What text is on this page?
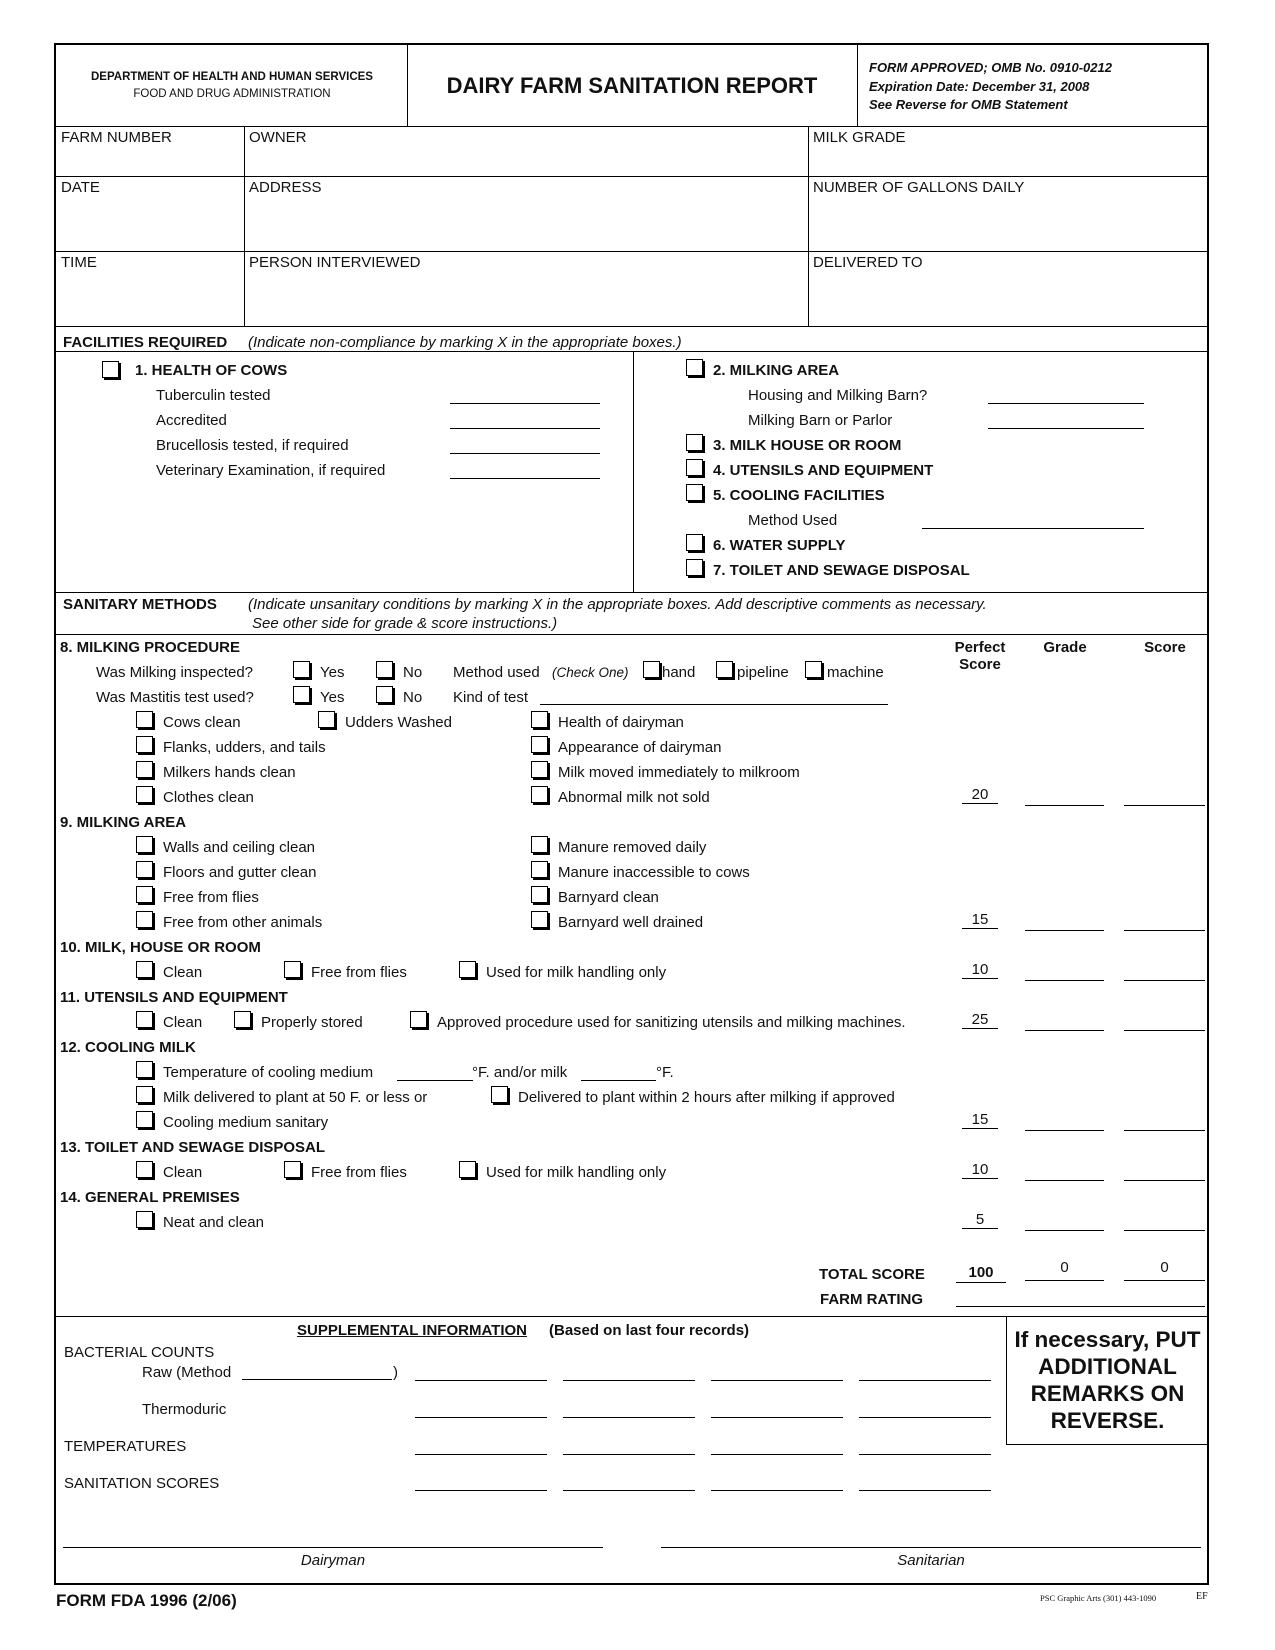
DEPARTMENT OF HEALTH AND HUMAN SERVICES
FOOD AND DRUG ADMINISTRATION	DAIRY FARM SANITATION REPORT
FORM APPROVED; OMB No. 0910-0212
Expiration Date: December 31, 2008
See Reverse for OMB Statement
FARM NUMBER	OWNER	MILK GRADE
DATE	ADDRESS	NUMBER OF GALLONS DAILY
TIME	PERSON INTERVIEWED	DELIVERED TO
FACILITIES REQUIRED (Indicate non-compliance by marking X in the appropriate boxes.)
1. HEALTH OF COWS
Tuberculin tested
Accredited
Brucellosis tested, if required
Veterinary Examination, if required
2. MILKING AREA
Housing and Milking Barn?
Milking Barn or Parlor
3. MILK HOUSE OR ROOM
4. UTENSILS AND EQUIPMENT
5. COOLING FACILITIES
Method Used
6. WATER SUPPLY
7. TOILET AND SEWAGE DISPOSAL
SANITARY METHODS (Indicate unsanitary conditions by marking X in the appropriate boxes. Add descriptive comments as necessary.
See other side for grade & score instructions.)
Perfect
Score
Grade	Score
8. MILKING PROCEDURE
Was Milking inspected?	Yes	No Method used (Check One) hand	pipeline	machine
Was Mastitis test used?	Yes	No Kind of test
Cows clean	Udders Washed	Health of dairyman
Flanks, udders, and tails	Appearance of dairyman
Milkers hands clean	Milk moved immediately to milkroom
Clothes clean	Abnormal milk not sold	20
9. MILKING AREA
Walls and ceiling clean	Manure removed daily
Floors and gutter clean	Manure inaccessible to cows
Free from flies	Barnyard clean
Free from other animals	Barnyard well drained	15
10. MILK, HOUSE OR ROOM
Clean	Free from flies	Used for milk handling only	10
11. UTENSILS AND EQUIPMENT
Clean	Properly stored	Approved procedure used for sanitizing utensils and milking machines.	25
12. COOLING MILK
Temperature of cooling medium	°F. and/or milk	°F.
Milk delivered to plant at 50 F. or less or	Delivered to plant within 2 hours after milking if approved
Cooling medium sanitary	15
13. TOILET AND SEWAGE DISPOSAL
Clean	Free from flies	Used for milk handling only	10
14. GENERAL PREMISES
Neat and clean	5
TOTAL SCORE	100	0	0
FARM RATING
SUPPLEMENTAL INFORMATION (Based on last four records)
BACTERIAL COUNTS
Raw (Method	)
Thermoduric
TEMPERATURES
SANITATION SCORES
If necessary, PUT ADDITIONAL REMARKS ON REVERSE.
Dairyman	Sanitarian
FORM FDA 1996 (2/06)	PSC Graphic Arts (301) 443-1090	EF
